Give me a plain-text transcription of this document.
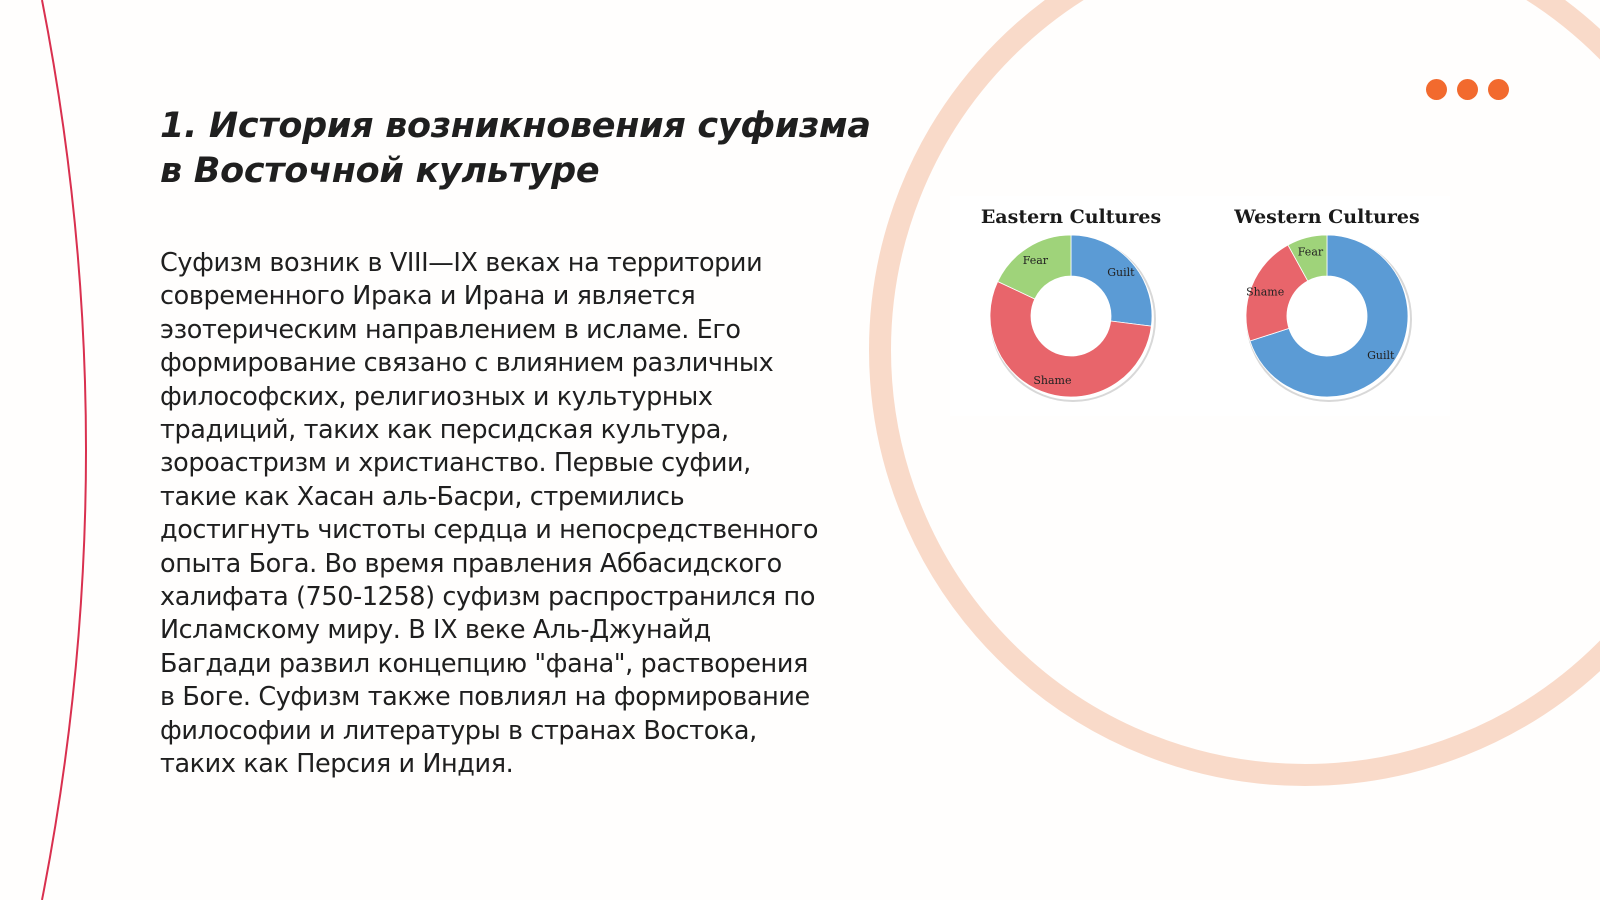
1. История возникновения суфизма
в Восточной культуре
Суфизм возник в VIII—IX веках на территории
современного Ирака и Ирана и является
эзотерическим направлением в исламе. Его
формирование связано с влиянием различных
философских, религиозных и культурных
традиций, таких как персидская культура,
зороастризм и христианство. Первые суфии,
такие как Хасан аль-Басри, стремились
достигнуть чистоты сердца и непосредственного
опыта Бога. Во время правления Аббасидского
халифата (750-1258) суфизм распространился по
Исламскому миру. В IX веке Аль-Джунайд
Багдади развил концепцию "фана", растворения
в Боге. Суфизм также повлиял на формирование
философии и литературы в странах Востока,
таких как Персия и Индия.
Eastern Cultures
Guilt
Shame
Fear
Western Cultures
Guilt
Shame
Fear
